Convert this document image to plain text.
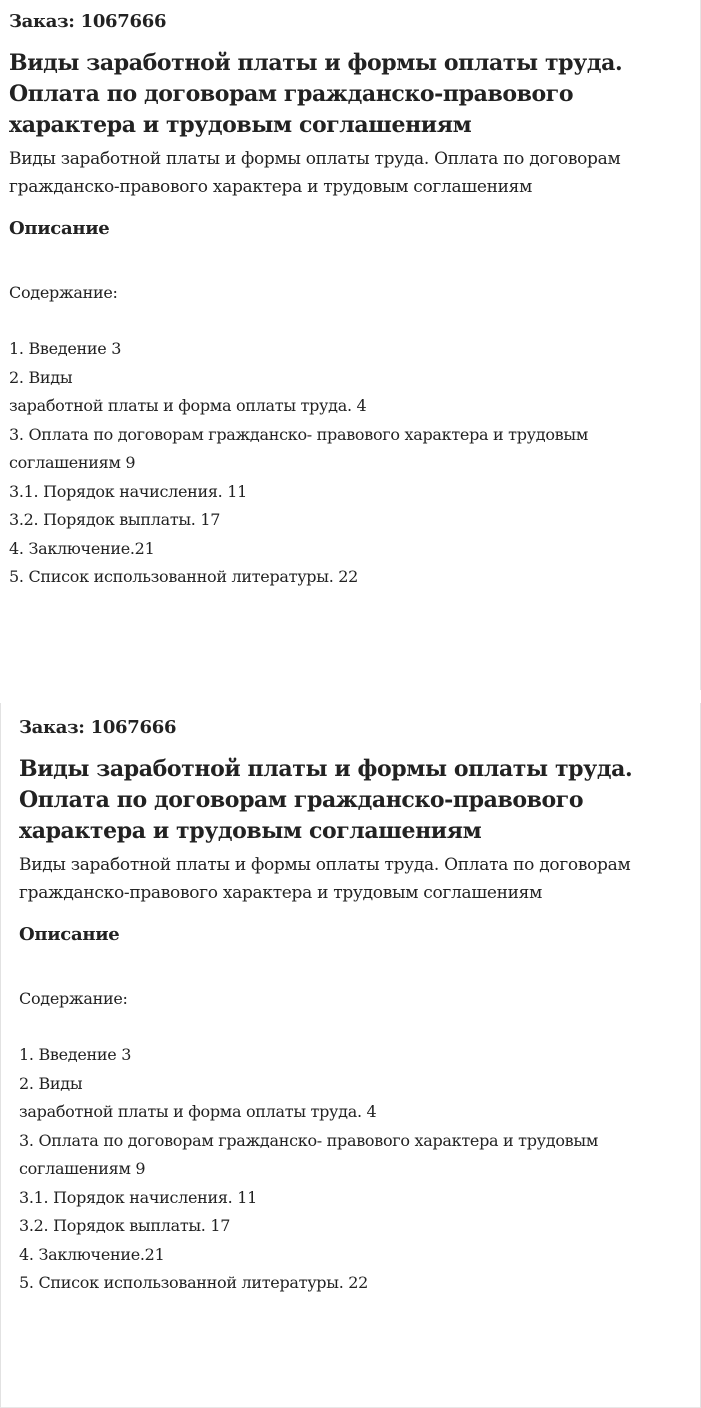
Заказ: 1067666
Виды заработной платы и формы оплаты труда.
Оплата по договорам гражданско-правового
характера и трудовым соглашениям
Виды заработной платы и формы оплаты труда. Оплата по договорам
гражданско-правового характера и трудовым соглашениям
Описание
Содержание:
1. Введение 3
2. Виды
заработной платы и форма оплаты труда. 4
3. Оплата по договорам гражданско- правового характера и трудовым
соглашениям 9
3.1. Порядок начисления. 11
3.2. Порядок выплаты. 17
4. Заключение.21
5. Список использованной литературы. 22
Заказ: 1067666
Виды заработной платы и формы оплаты труда.
Оплата по договорам гражданско-правового
характера и трудовым соглашениям
Виды заработной платы и формы оплаты труда. Оплата по договорам
гражданско-правового характера и трудовым соглашениям
Описание
Содержание:
1. Введение 3
2. Виды
заработной платы и форма оплаты труда. 4
3. Оплата по договорам гражданско- правового характера и трудовым
соглашениям 9
3.1. Порядок начисления. 11
3.2. Порядок выплаты. 17
4. Заключение.21
5. Список использованной литературы. 22
